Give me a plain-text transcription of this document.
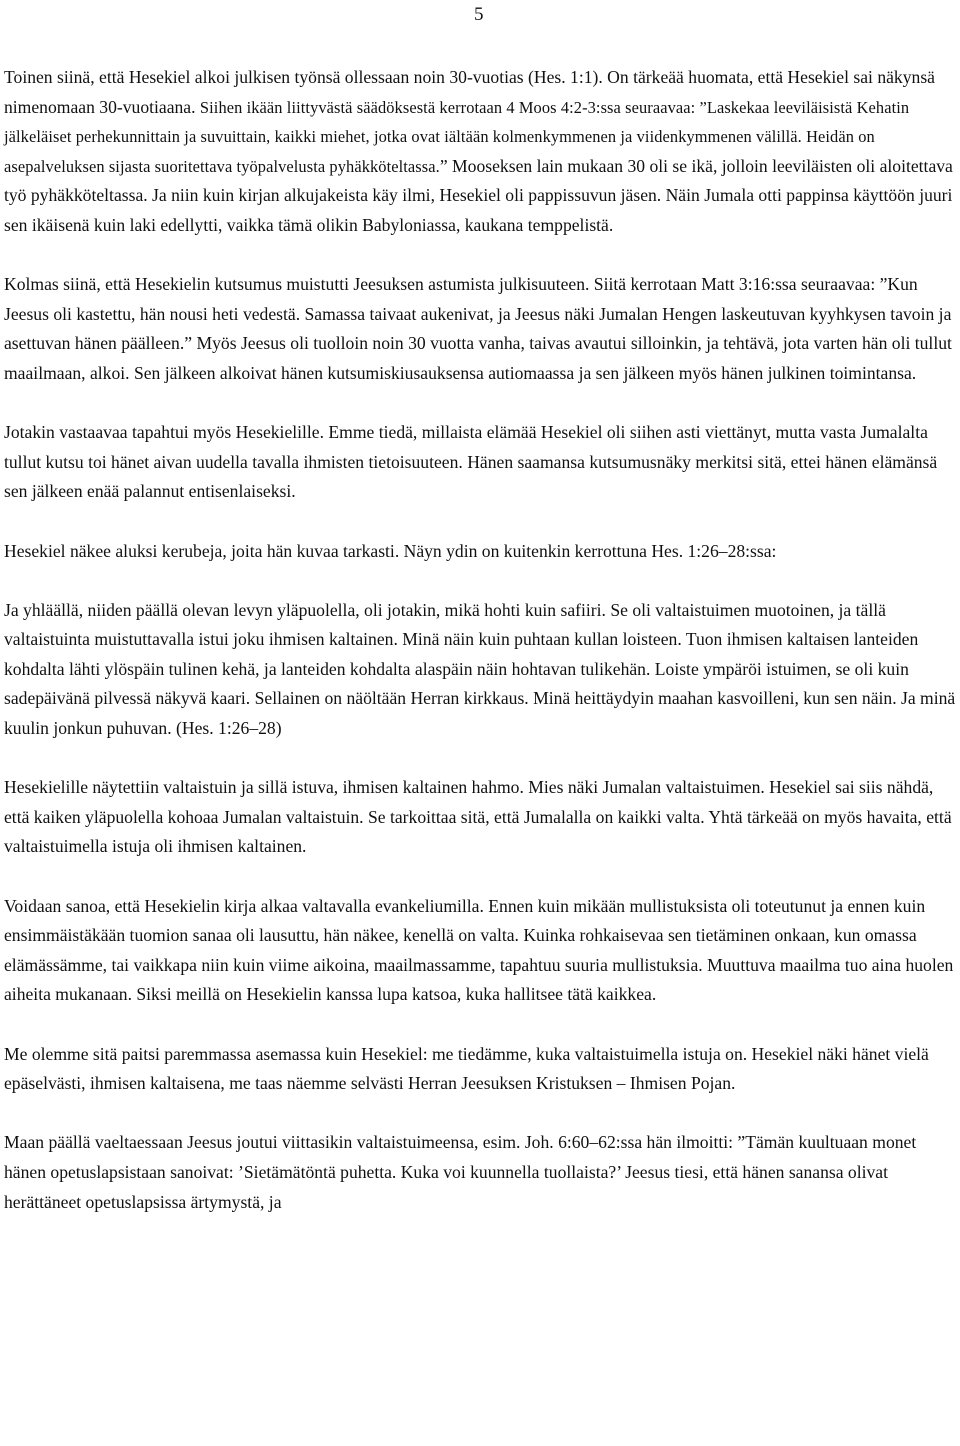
5

Toinen siinä, että Hesekiel alkoi julkisen työnsä ollessaan noin 30-vuotias (Hes. 1:1). On tärkeää huomata, että Hesekiel sai näkynsä nimenomaan 30-vuotiaana. Siihen ikään liittyvästä säädöksestä kerrotaan 4 Moos 4:2-3:ssa seuraavaa: ”Laskekaa leeviläisistä Kehatin jälkeläiset perhekunnittain ja suvuittain, kaikki miehet, jotka ovat iältään kolmenkymmenen ja viidenkymmenen välillä. Heidän on asepalveluksen sijasta suoritettava työpalvelusta pyhäkköteltassa.” Mooseksen lain mukaan 30 oli se ikä, jolloin leeviläisten oli aloitettava työ pyhäkköteltassa. Ja niin kuin kirjan alkujakeista käy ilmi, Hesekiel oli pappissuvun jäsen. Näin Jumala otti pappinsa käyttöön juuri sen ikäisenä kuin laki edellytti, vaikka tämä olikin Babyloniassa, kaukana temppelistä.

Kolmas siinä, että Hesekielin kutsumus muistutti Jeesuksen astumista julkisuuteen. Siitä kerrotaan Matt 3:16:ssa seuraavaa: ”Kun Jeesus oli kastettu, hän nousi heti vedestä. Samassa taivaat aukenivat, ja Jeesus näki Jumalan Hengen laskeutuvan kyyhkysen tavoin ja asettuvan hänen päälleen.” Myös Jeesus oli tuolloin noin 30 vuotta vanha, taivas avautui silloinkin, ja tehtävä, jota varten hän oli tullut maailmaan, alkoi. Sen jälkeen alkoivat hänen kutsumiskiusauksensa autiomaassa ja sen jälkeen myös hänen julkinen toimintansa.

Jotakin vastaavaa tapahtui myös Hesekielille. Emme tiedä, millaista elämää Hesekiel oli siihen asti viettänyt, mutta vasta Jumalalta tullut kutsu toi hänet aivan uudella tavalla ihmisten tietoisuuteen. Hänen saamansa kutsumusnäky merkitsi sitä, ettei hänen elämänsä sen jälkeen enää palannut entisenlaiseksi.

Hesekiel näkee aluksi kerubeja, joita hän kuvaa tarkasti. Näyn ydin on kuitenkin kerrottuna Hes. 1:26–28:ssa:

Ja yhläällä, niiden päällä olevan levyn yläpuolella, oli jotakin, mikä hohti kuin safiiri. Se oli valtaistuimen muotoinen, ja tällä valtaistuinta muistuttavalla istui joku ihmisen kaltainen. Minä näin kuin puhtaan kullan loisteen. Tuon ihmisen kaltaisen lanteiden kohdalta lähti ylöspäin tulinen kehä, ja lanteiden kohdalta alaspäin näin hohtavan tulikehän. Loiste ympäröi istuimen, se oli kuin sadepäivänä pilvessä näkyvä kaari. Sellainen on näöltään Herran kirkkaus. Minä heittäydyin maahan kasvoilleni, kun sen näin. Ja minä kuulin jonkun puhuvan. (Hes. 1:26–28)

Hesekielille näytettiin valtaistuin ja sillä istuva, ihmisen kaltainen hahmo. Mies näki Jumalan valtaistuimen. Hesekiel sai siis nähdä, että kaiken yläpuolella kohoaa Jumalan valtaistuin. Se tarkoittaa sitä, että Jumalalla on kaikki valta. Yhtä tärkeää on myös havaita, että valtaistuimella istuja oli ihmisen kaltainen.

Voidaan sanoa, että Hesekielin kirja alkaa valtavalla evankeliumilla. Ennen kuin mikään mullistuksista oli toteutunut ja ennen kuin ensimmäistäkään tuomion sanaa oli lausuttu, hän näkee, kenellä on valta. Kuinka rohkaisevaa sen tietäminen onkaan, kun omassa elämässämme, tai vaikkapa niin kuin viime aikoina, maailmassamme, tapahtuu suuria mullistuksia. Muuttuva maailma tuo aina huolen aiheita mukanaan. Siksi meillä on Hesekielin kanssa lupa katsoa, kuka hallitsee tätä kaikkea.

Me olemme sitä paitsi paremmassa asemassa kuin Hesekiel: me tiedämme, kuka valtaistuimella istuja on. Hesekiel näki hänet vielä epäselvästi, ihmisen kaltaisena, me taas näemme selvästi Herran Jeesuksen Kristuksen – Ihmisen Pojan.

Maan päällä vaeltaessaan Jeesus joutui viittasikin valtaistuimeensa, esim. Joh. 6:60–62:ssa hän ilmoitti: ”Tämän kuultuaan monet hänen opetuslapsistaan sanoivat: ’Sietämätöntä puhetta. Kuka voi kuunnella tuollaista?’ Jeesus tiesi, että hänen sanansa olivat herättäneet opetuslapsissa ärtymystä, ja
